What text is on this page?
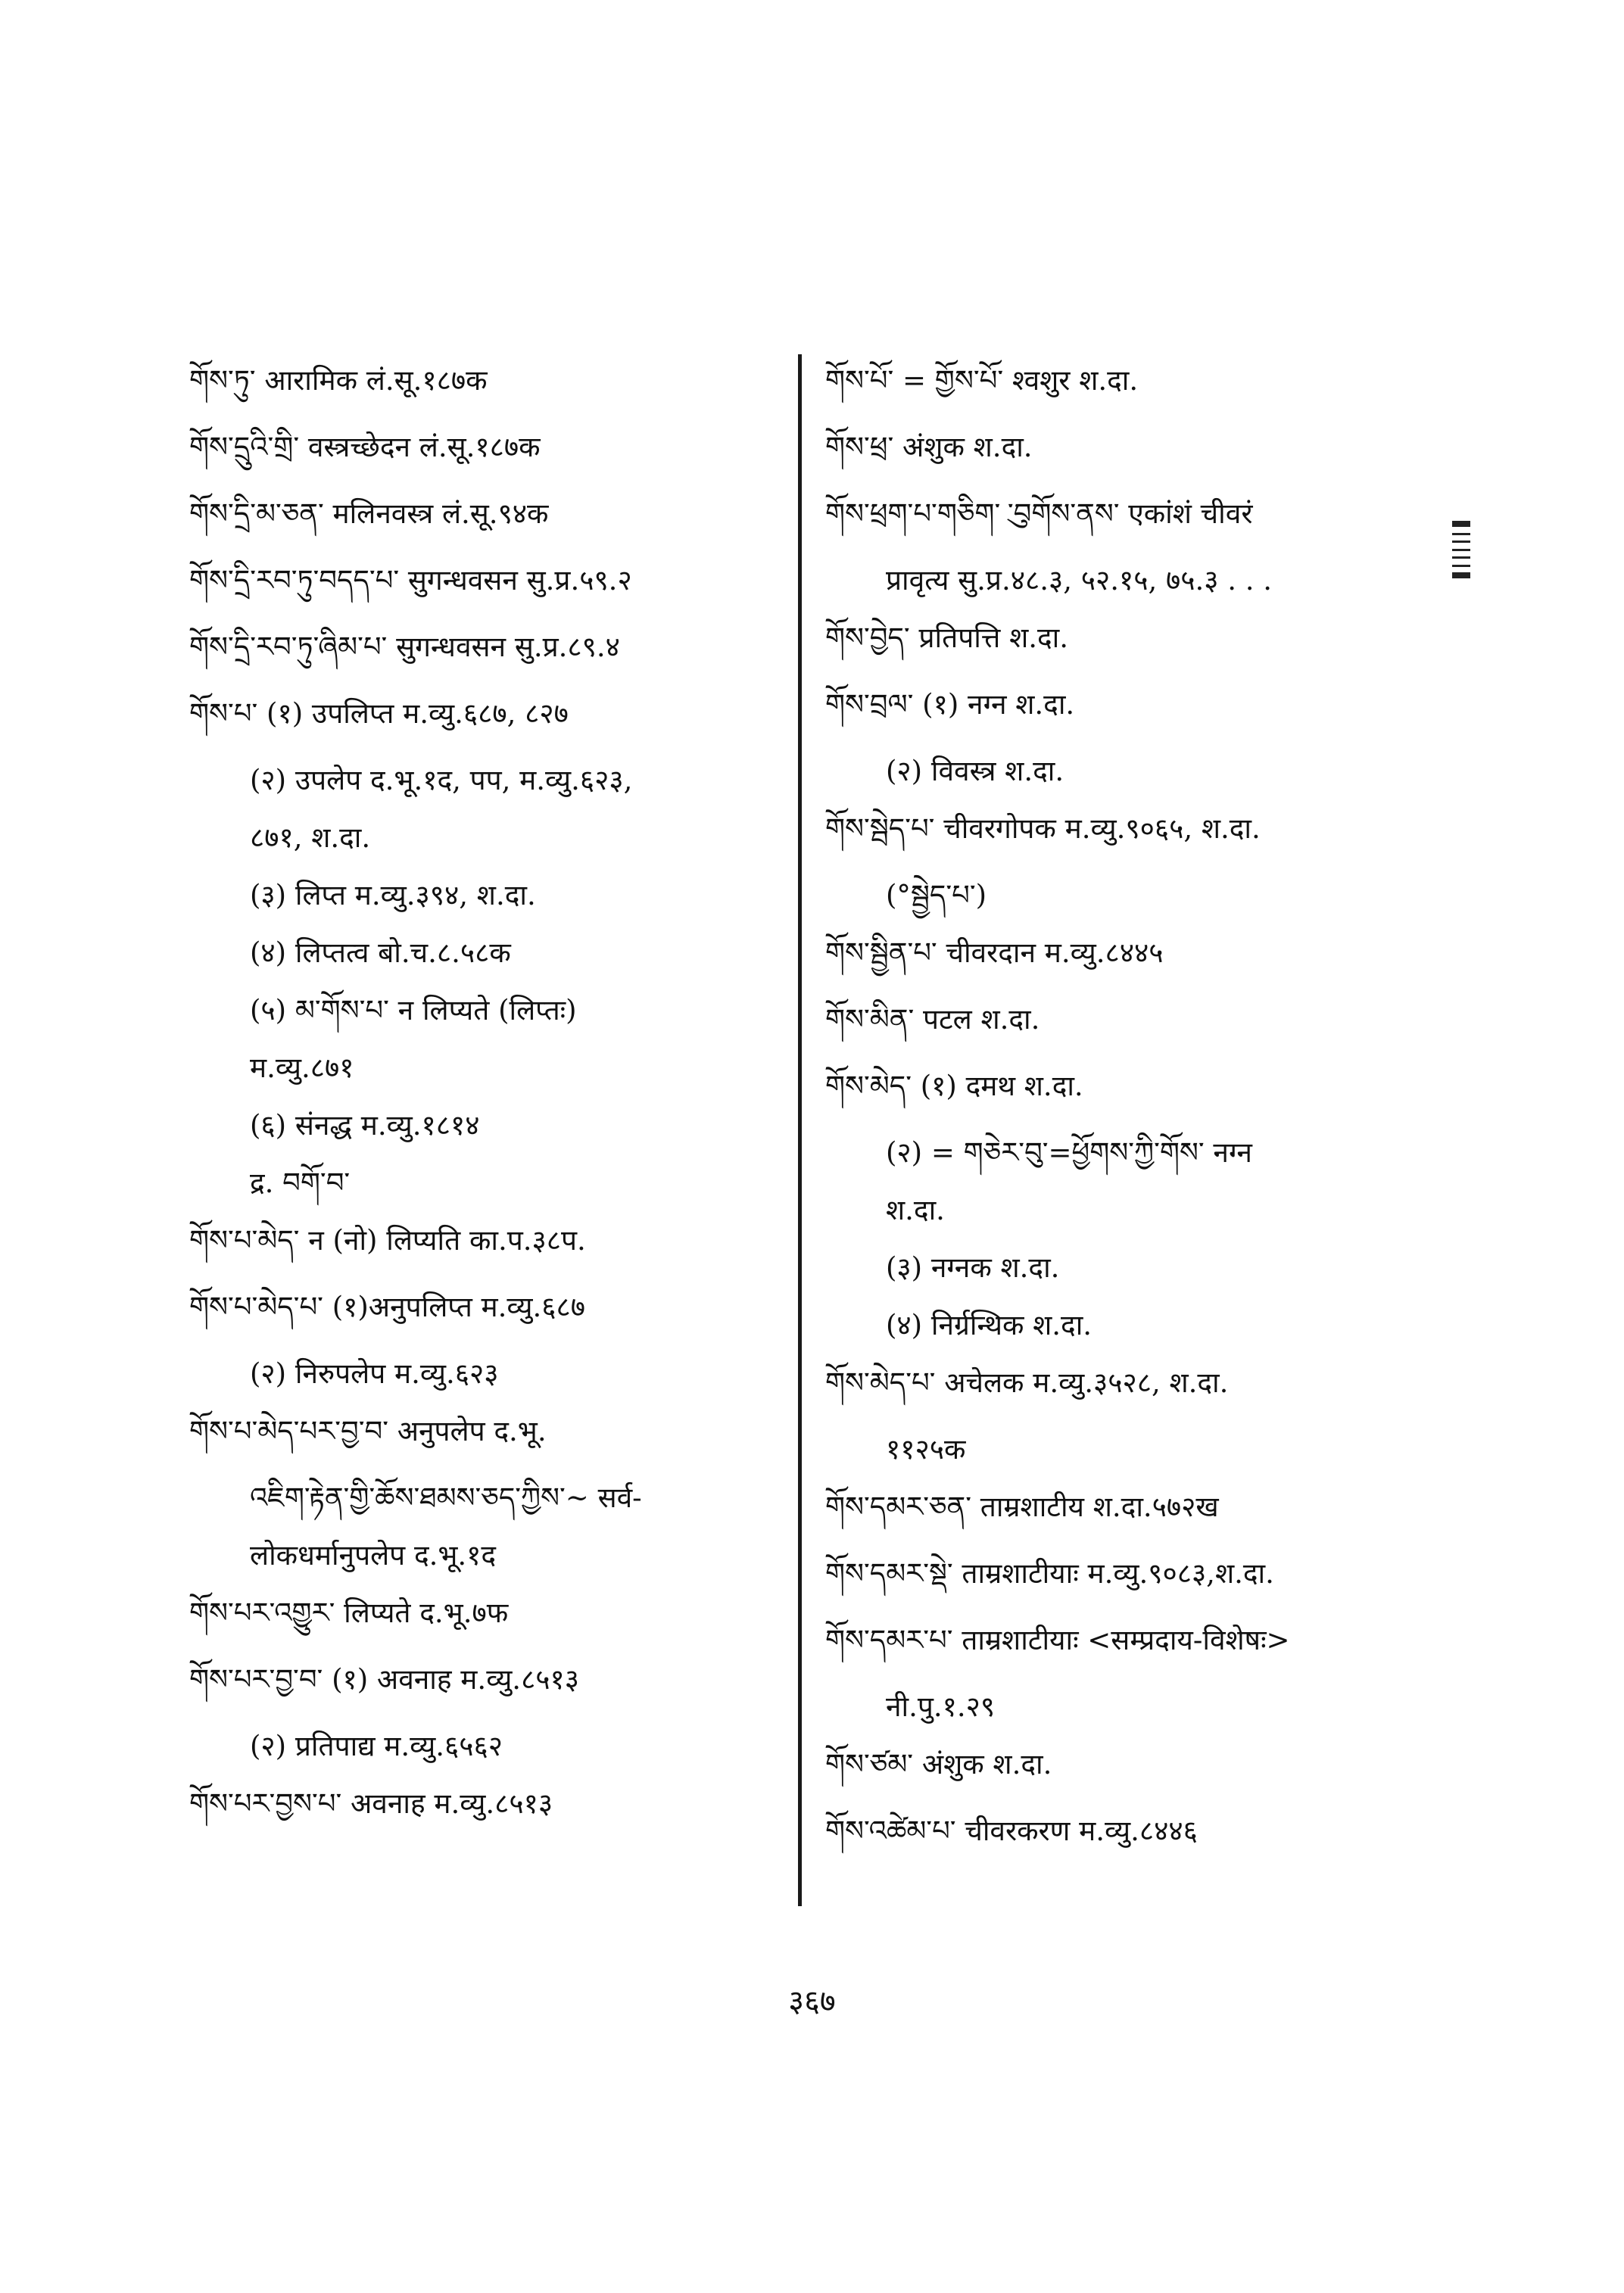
གོས་ཏུ་ आरामिक लं.सू.१८७क
གོས་དྲུའི་གྲི་ वस्त्रच्छेदन लं.सू.१८७क
གོས་དྲི་མ་ཅན་ मलिनवस्त्र लं.सू.९४क
གོས་དྲི་རབ་ཏུ་བདད་པ་ सुगन्धवसन सु.प्र.५९.२
གོས་དྲི་རབ་ཏུ་ཞིམ་པ་ सुगन्धवसन सु.प्र.८९.४
གོས་པ་ (१) उपलिप्त म.व्यु.६८७, ८२७
(२) उपलेप द.भू.१द, पप, म.व्यु.६२३,
८७१, श.दा.
(३) लिप्त म.व्यु.३९४, श.दा.
(४) लिप्तत्व बो.च.८.५८क
(५) མ་གོས་པ་ न लिप्यते (लिप्तः)
म.व्यु.८७१
(६) संनद्ध म.व्यु.१८१४
द्र. བགོ་བ་
གོས་པ་མེད་ न (नो) लिप्यति का.प.३८प.
གོས་པ་མེད་པ་ (१)अनुपलिप्त म.व्यु.६८७
(२) निरुपलेप म.व्यु.६२३
གོས་པ་མེད་པར་བྱ་བ་ अनुपलेप द.भू.
འཇིག་རྟེན་གྱི་ཆོས་ཐམས་ཅད་ཀྱིས་~ सर्व-
लोकधर्मानुपलेप द.भू.१द
གོས་པར་འགྱུར་ लिप्यते द.भू.७फ
གོས་པར་བྱ་བ་ (१) अवनाह म.व्यु.८५१३
(२) प्रतिपाद्य म.व्यु.६५६२
གོས་པར་བྱས་པ་ अवनाह म.व्यु.८५१३
གོས་པོ་ = གྱོས་པོ་ श्वशुर श.दा.
གོས་ཕྲ་ अंशुक श.दा.
གོས་ཕྲག་པ་གཅིག་ ུ་བགོས་ནས་ एकांशं चीवरं
प्रावृत्य सु.प्र.४८.३, ५२.१५, ७५.३ . . .
གོས་བྱེད་ प्रतिपत्ति श.दा.
གོས་བྲལ་ (१) नग्न श.दा.
(२) विवस्त्र श.दा.
གོས་སྦེད་པ་ चीवरगोपक म.व्यु.९०६५, श.दा.
(°སྦྱེད་པ་)
གོས་སྦྱིན་པ་ चीवरदान म.व्यु.८४४५
གོས་མིན་ पटल श.दा.
གོས་མེད་ (१) दमथ श.दा.
(२) = གཅེར་བུ་=ཕྱོགས་ཀྱི་གོས་ नग्न
श.दा.
(३) नग्नक श.दा.
(४) निर्ग्रन्थिक श.दा.
གོས་མེད་པ་ अचेलक म.व्यु.३५२८, श.दा.
११२५क
གོས་དམར་ཅན་ ताम्रशाटीय श.दा.५७२ख
གོས་དམར་སྡེ་ ताम्रशाटीयाः म.व्यु.९०८३,श.दा.
གོས་དམར་པ་ ताम्रशाटीयाः <सम्प्रदाय-विशेषः>
नी.पु.१.२९
གོས་ཙམ་ अंशुक श.दा.
གོས་འཚེམ་པ་ चीवरकरण म.व्यु.८४४६
३६७
